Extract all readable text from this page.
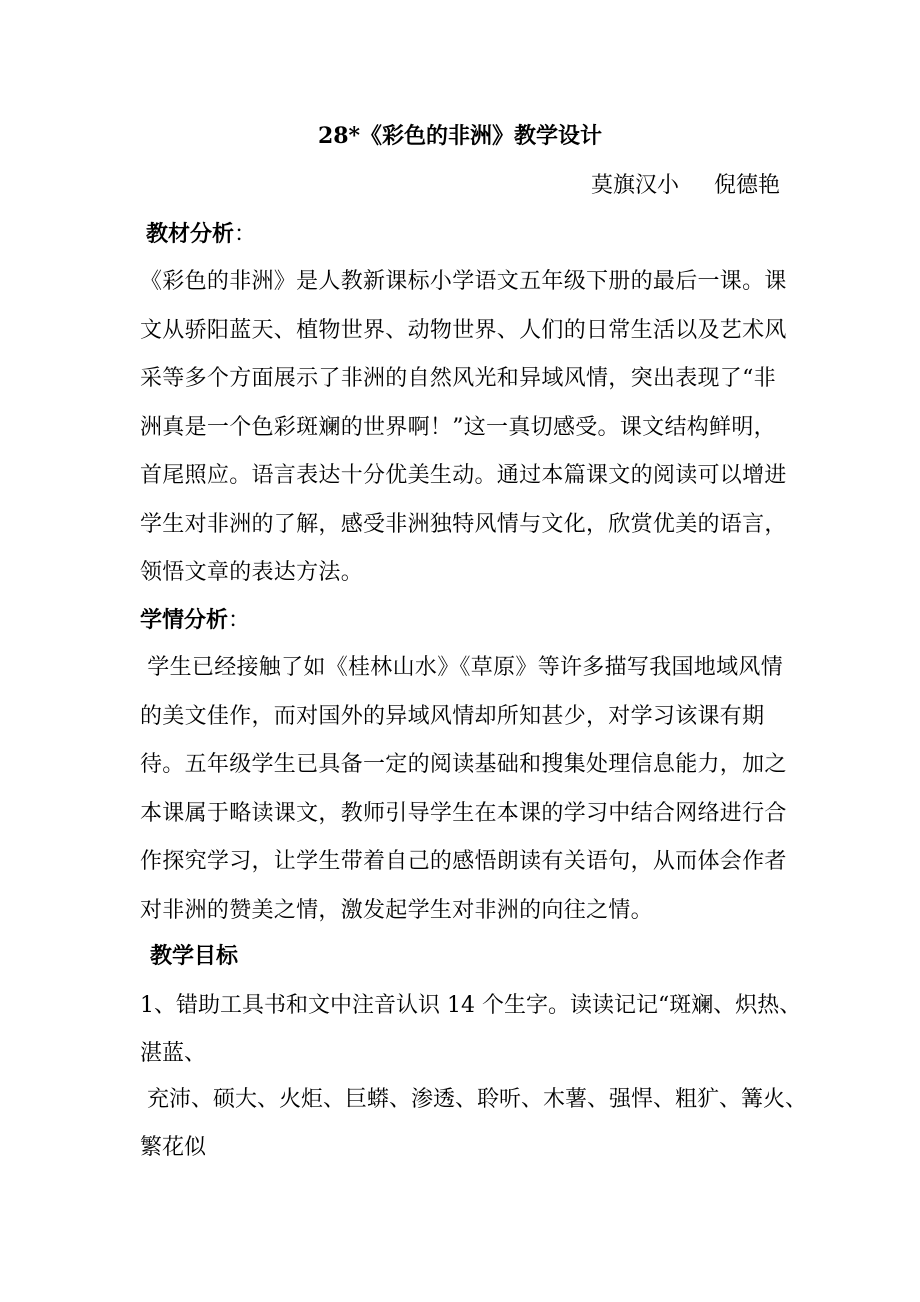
28*《彩色的非洲》教学设计
莫旗汉小     倪德艳
教材分析：
《彩色的非洲》是人教新课标小学语文五年级下册的最后一课。课文从骄阳蓝天、植物世界、动物世界、人们的日常生活以及艺术风采等多个方面展示了非洲的自然风光和异域风情，突出表现了“非洲真是一个色彩斑斓的世界啊！”这一真切感受。课文结构鲜明，首尾照应。语言表达十分优美生动。通过本篇课文的阅读可以增进学生对非洲的了解，感受非洲独特风情与文化，欣赏优美的语言，领悟文章的表达方法。
学情分析：
学生已经接触了如《桂林山水》《草原》等许多描写我国地域风情的美文佳作，而对国外的异域风情却所知甚少，对学习该课有期待。五年级学生已具备一定的阅读基础和搜集处理信息能力，加之本课属于略读课文，教师引导学生在本课的学习中结合网络进行合作探究学习，让学生带着自己的感悟朗读有关语句，从而体会作者对非洲的赞美之情，激发起学生对非洲的向往之情。
教学目标
1、错助工具书和文中注音认识 14 个生字。读读记记“斑斓、炽热、
湛蓝、
充沛、硕大、火炬、巨蟒、渗透、聆听、木薯、强悍、粗犷、篝火、
繁花似
